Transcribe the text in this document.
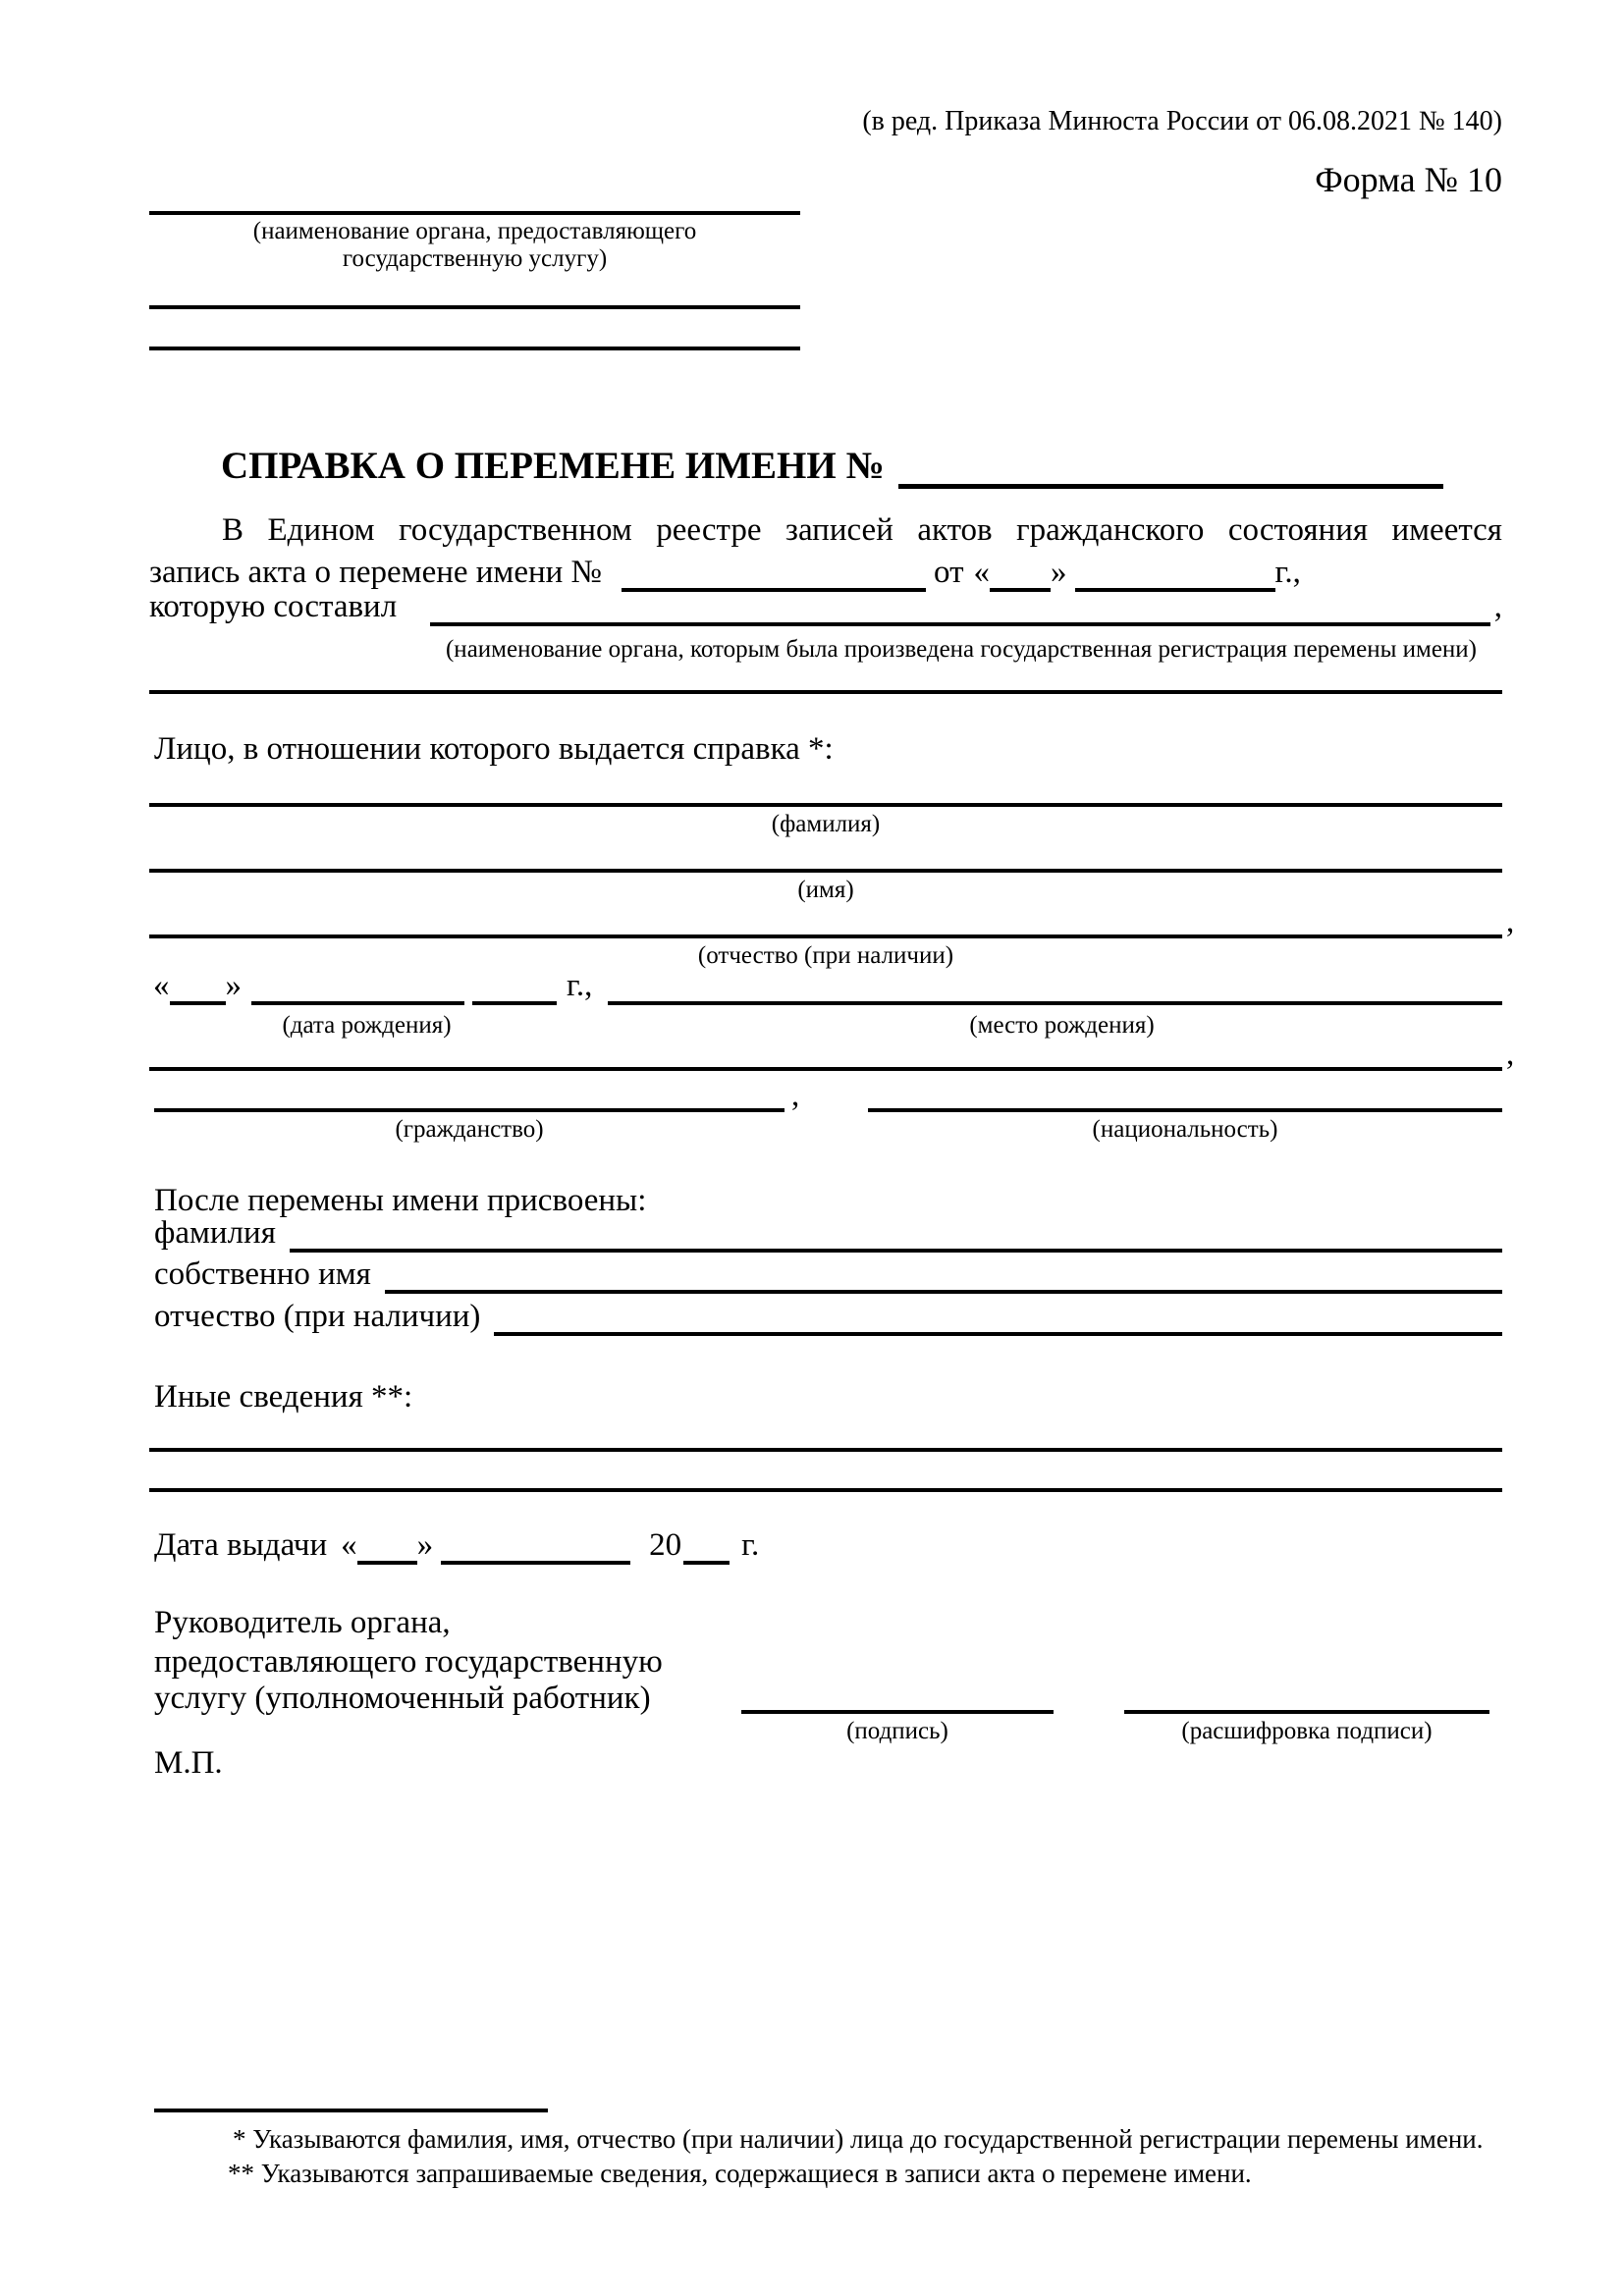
(в ред. Приказа Минюста России от 06.08.2021 № 140)
Форма № 10
(наименование органа, предоставляющего
государственную услугу)
СПРАВКА О ПЕРЕМЕНЕ ИМЕНИ №
В Едином государственном реестре записей актов гражданского состояния имеется
запись акта о перемене имени №	от « »	г.,
которую составил	,
(наименование органа, которым была произведена государственная регистрация перемены имени)
Лицо, в отношении которого выдается справка *:
(фамилия)
(имя)
,
(отчество (при наличии)
« »	г.,
(дата рождения)	(место рождения)
,
,
(гражданство)	(национальность)
После перемены имени присвоены:
фамилия
собственно имя
отчество (при наличии)
Иные сведения **:
Дата выдачи « »	20 г.
Руководитель органа,
предоставляющего государственную
услугу (уполномоченный работник)
(подпись)	(расшифровка подписи)
М.П.
* Указываются фамилия, имя, отчество (при наличии) лица до государственной регистрации перемены имени.
** Указываются запрашиваемые сведения, содержащиеся в записи акта о перемене имени.
